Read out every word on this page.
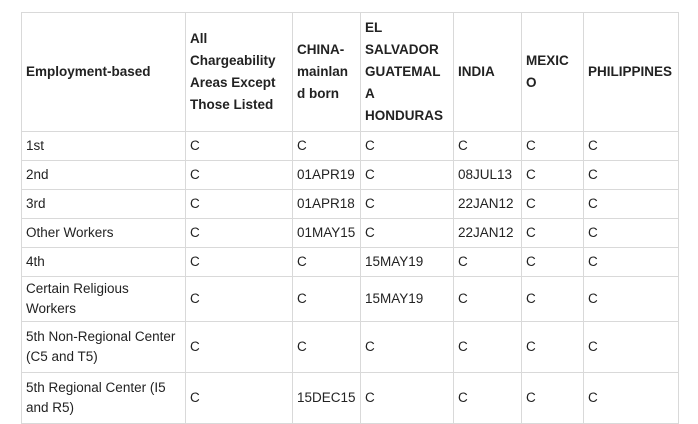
Employment-based	All Chargeability Areas Except Those Listed	CHINA-mainland born	EL SALVADOR GUATEMALA HONDURAS	INDIA	MEXICO	PHILIPPINES
1st	C	C	C	C	C	C
2nd	C	01APR19	C	08JUL13	C	C
3rd	C	01APR18	C	22JAN12	C	C
Other Workers	C	01MAY15	C	22JAN12	C	C
4th	C	C	15MAY19	C	C	C
Certain Religious Workers	C	C	15MAY19	C	C	C
5th Non-Regional Center (C5 and T5)	C	C	C	C	C	C
5th Regional Center (I5 and R5)	C	15DEC15	C	C	C	C
